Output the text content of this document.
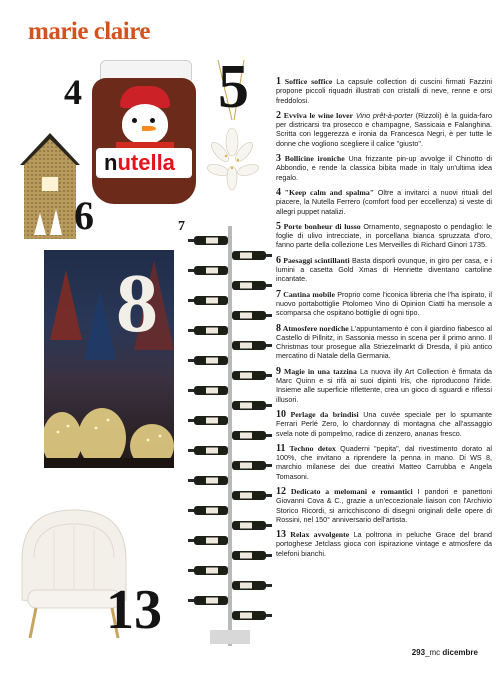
marie claire
nutella
4 5
6
8
7
13

1 Soffice soffice La capsule collection di cuscini firmati Fazzini propone piccoli riquadri illustrati con cristalli di neve, renne e orsi freddolosi.

2 Evviva le wine lover Vino prêt-à-porter (Rizzoli) è la guida-faro per districarsi tra prosecco e champagne, Sassicaia e Falanghina. Scritta con leggerezza e ironia da Francesca Negri, è per tutte le donne che vogliono scegliere il calice "giusto".

3 Bollicine ironiche Una frizzante pin-up avvolge il Chinotto di Abbondio, e rende la classica bibita made in Italy un'ultima idea regalo.

4 "Keep calm and spalma" Oltre a invitarci a nuovi rituali del piacere, la Nutella Ferrero (comfort food per eccellenza) si veste di allegri puppet natalizi.

5 Porte bonheur di lusso Ornamento, segnaposto o pendaglio: le foglie di ulivo intrecciate, in porcellana bianca spruzzata d'oro, fanno parte della collezione Les Merveilles di Richard Ginori 1735.

6 Paesaggi scintillanti Basta disporli ovunque, in giro per casa, e i lumini a casetta Gold Xmas di Henriette diventano cartoline incantate.

7 Cantina mobile Proprio come l'iconica libreria che l'ha ispirato, il nuovo portabottiglie Ptolomeo Vino di Opinion Ciatti ha mensole a scomparsa che ospitano bottiglie di ogni tipo.

8 Atmosfere nordiche L'appuntamento è con il giardino fiabesco al Castello di Pillnitz, in Sassonia messo in scena per il primo anno. Il Christmas tour prosegue alla Striezelmarkt di Dresda, il più antico mercatino di Natale della Germania.

9 Magie in una tazzina La nuova illy Art Collection è firmata da Marc Quinn e si rifà ai suoi dipinti Iris, che riproducono l'iride. Insieme alle superficie riflettente, crea un gioco di sguardi e riflessi illusori.

10 Perlage da brindisi Una cuvée speciale per lo spumante Ferrari Perlé Zero, lo chardonnay di montagna che all'assaggio svela note di pompelmo, radice di zenzero, ananas fresco.

11 Techno detox Quaderni "pepita", dal rivestimento dorato al 100%, che invitano a riprendere la penna in mano. Di WS 8, marchio milanese dei due creativi Matteo Carrubba e Angela Tomasoni.

12 Dedicato a melomani e romantici I pandori e panettoni Giovanni Cova & C., grazie a un'eccezionale liaison con l'Archivio Storico Ricordi, si arricchiscono di disegni originali delle opere di Rossini, nel 150° anniversario dell'artista.

13 Relax avvolgente La poltrona in peluche Grace del brand portoghese Jetclass gioca con ispirazione vintage e atmosfere da telefoni bianchi.

293_mc dicembre
